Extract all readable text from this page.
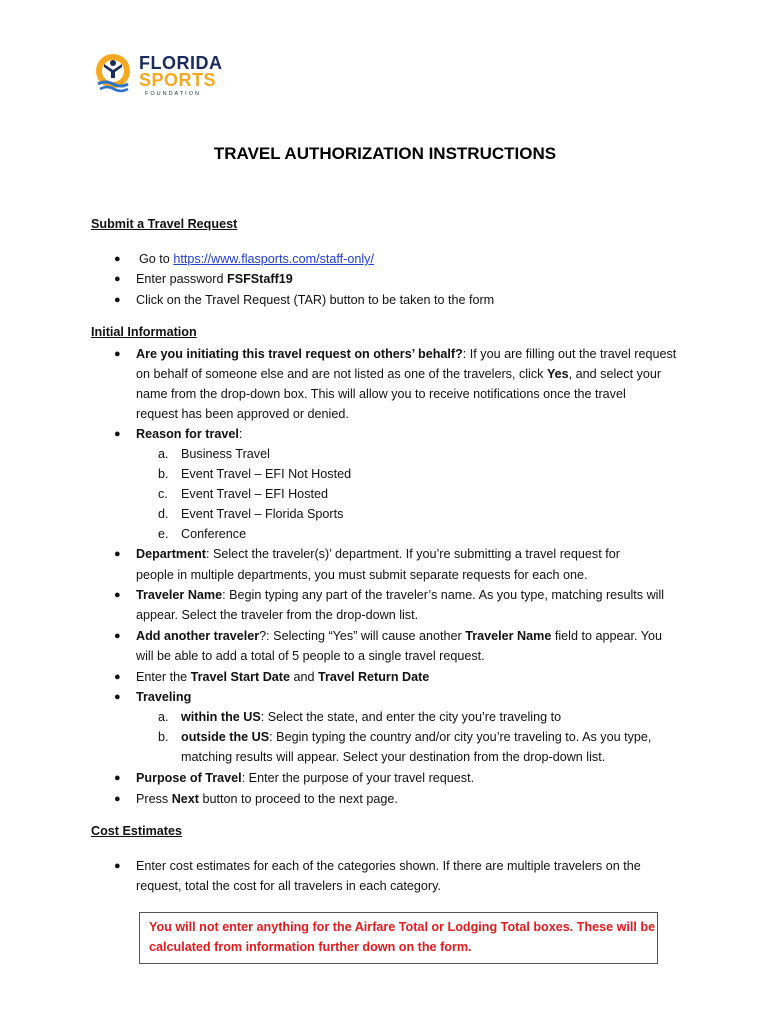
FLORIDA
SPORTS
FOUNDATION
TRAVEL AUTHORIZATION INSTRUCTIONS
Submit a Travel Request
● Go to https://www.flasports.com/staff-only/
● Enter password FSFStaff19
● Click on the Travel Request (TAR) button to be taken to the form
Initial Information
● Are you initiating this travel request on others’ behalf?: If you are filling out the travel request
on behalf of someone else and are not listed as one of the travelers, click Yes, and select your
name from the drop-down box. This will allow you to receive notifications once the travel
request has been approved or denied.
● Reason for travel:
a. Business Travel
b. Event Travel – EFI Not Hosted
c. Event Travel – EFI Hosted
d. Event Travel – Florida Sports
e. Conference
● Department: Select the traveler(s)’ department. If you’re submitting a travel request for
people in multiple departments, you must submit separate requests for each one.
● Traveler Name: Begin typing any part of the traveler’s name. As you type, matching results will
appear. Select the traveler from the drop-down list.
● Add another traveler?: Selecting “Yes” will cause another Traveler Name field to appear. You
will be able to add a total of 5 people to a single travel request.
● Enter the Travel Start Date and Travel Return Date
● Traveling
a. within the US: Select the state, and enter the city you’re traveling to
b. outside the US: Begin typing the country and/or city you’re traveling to. As you type,
matching results will appear. Select your destination from the drop-down list.
● Purpose of Travel: Enter the purpose of your travel request.
● Press Next button to proceed to the next page.
Cost Estimates
● Enter cost estimates for each of the categories shown. If there are multiple travelers on the
request, total the cost for all travelers in each category.
You will not enter anything for the Airfare Total or Lodging Total boxes. These will be
calculated from information further down on the form.
